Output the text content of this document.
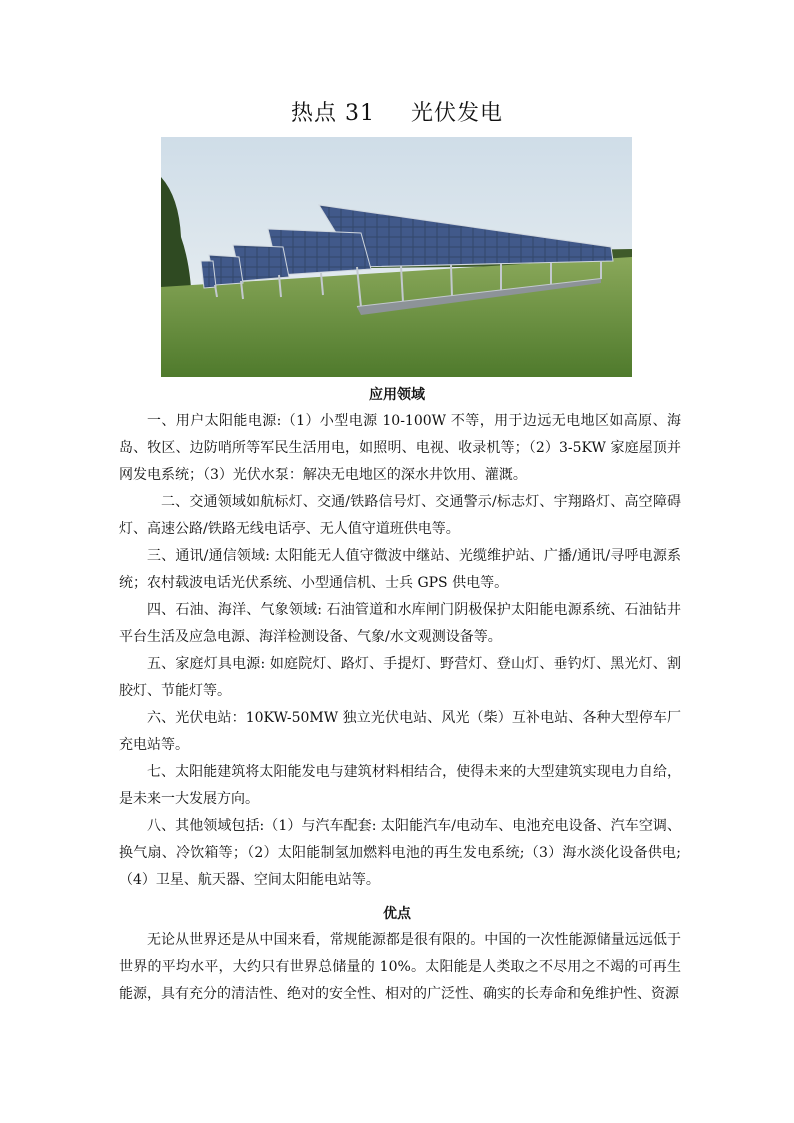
热点 31 光伏发电
应用领域

一、用户太阳能电源:（1）小型电源 10-100W 不等，用于边远无电地区如高原、海岛、牧区、边防哨所等军民生活用电，如照明、电视、收录机等；（2）3-5KW 家庭屋顶并网发电系统；（3）光伏水泵：解决无电地区的深水井饮用、灌溉。

二、交通领域如航标灯、交通/铁路信号灯、交通警示/标志灯、宇翔路灯、高空障碍灯、高速公路/铁路无线电话亭、无人值守道班供电等。

三、通讯/通信领域: 太阳能无人值守微波中继站、光缆维护站、广播/通讯/寻呼电源系统；农村载波电话光伏系统、小型通信机、士兵 GPS 供电等。

四、石油、海洋、气象领域: 石油管道和水库闸门阴极保护太阳能电源系统、石油钻井平台生活及应急电源、海洋检测设备、气象/水文观测设备等。

五、家庭灯具电源: 如庭院灯、路灯、手提灯、野营灯、登山灯、垂钓灯、黑光灯、割胶灯、节能灯等。

六、光伏电站：10KW-50MW 独立光伏电站、风光（柴）互补电站、各种大型停车厂充电站等。

七、太阳能建筑将太阳能发电与建筑材料相结合，使得未来的大型建筑实现电力自给，是未来一大发展方向。

八、其他领域包括:（1）与汽车配套: 太阳能汽车/电动车、电池充电设备、汽车空调、换气扇、冷饮箱等；（2）太阳能制氢加燃料电池的再生发电系统;（3）海水淡化设备供电;（4）卫星、航天器、空间太阳能电站等。

优点

无论从世界还是从中国来看，常规能源都是很有限的。中国的一次性能源储量远远低于世界的平均水平，大约只有世界总储量的 10%。太阳能是人类取之不尽用之不竭的可再生能源，具有充分的清洁性、绝对的安全性、相对的广泛性、确实的长寿命和免维护性、资源
